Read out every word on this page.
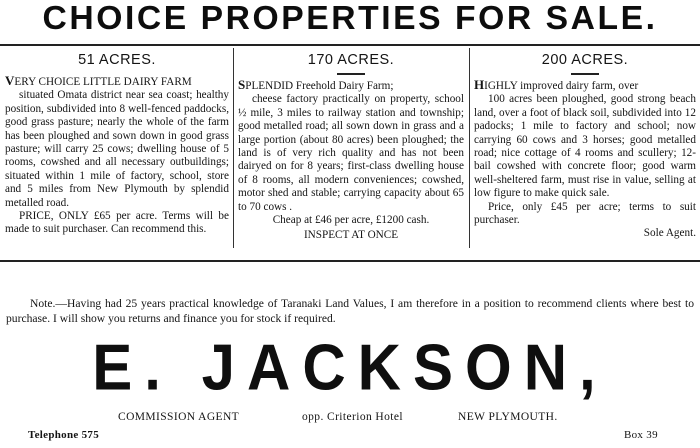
CHOICE PROPERTIES FOR SALE.
51 ACRES.

VERY CHOICE LITTLE DAIRY FARM

situated Omata district near sea coast; healthy position, subdivided into 8 well-fenced paddocks, good grass pasture; nearly the whole of the farm has been ploughed and sown down in good grass pasture; will carry 25 cows; dwelling house of 5 rooms, cowshed and all necessary outbuildings; situated within 1 mile of factory, school, store and 5 miles from New Plymouth by splendid metalled road.

PRICE, ONLY £65 per acre. Terms will be made to suit purchaser. Can recommend this.

170 ACRES.

SPLENDID Freehold Dairy Farm;

cheese factory practically on property, school ½ mile, 3 miles to railway station and township; good metalled road; all sown down in grass and a large portion (about 80 acres) been ploughed; the land is of very rich quality and has not been dairyed on for 8 years; first-class dwelling house of 8 rooms, all modern conveniences; cowshed, motor shed and stable; carrying capacity about 65 to 70 cows .

Cheap at £46 per acre, £1200 cash.

INSPECT AT ONCE

200 ACRES.

HIGHLY improved dairy farm, over

100 acres been ploughed, good strong beach land, over a foot of black soil, subdivided into 12 padocks; 1 mile to factory and school; now carrying 60 cows and 3 horses; good metalled road; nice cottage of 4 rooms and scullery; 12-bail cowshed with concrete floor; good warm well-sheltered farm, must rise in value, selling at low figure to make quick sale.

Price, only £45 per acre; terms to suit purchaser.

Sole Agent.

Note.—Having had 25 years practical knowledge of Taranaki Land Values, I am therefore in a position to recommend clients where best to purchase. I will show you returns and finance you for stock if required.
E. JACKSON,
COMMISSION AGENT	opp. Criterion Hotel	NEW PLYMOUTH.
Telephone 575	Box 39
